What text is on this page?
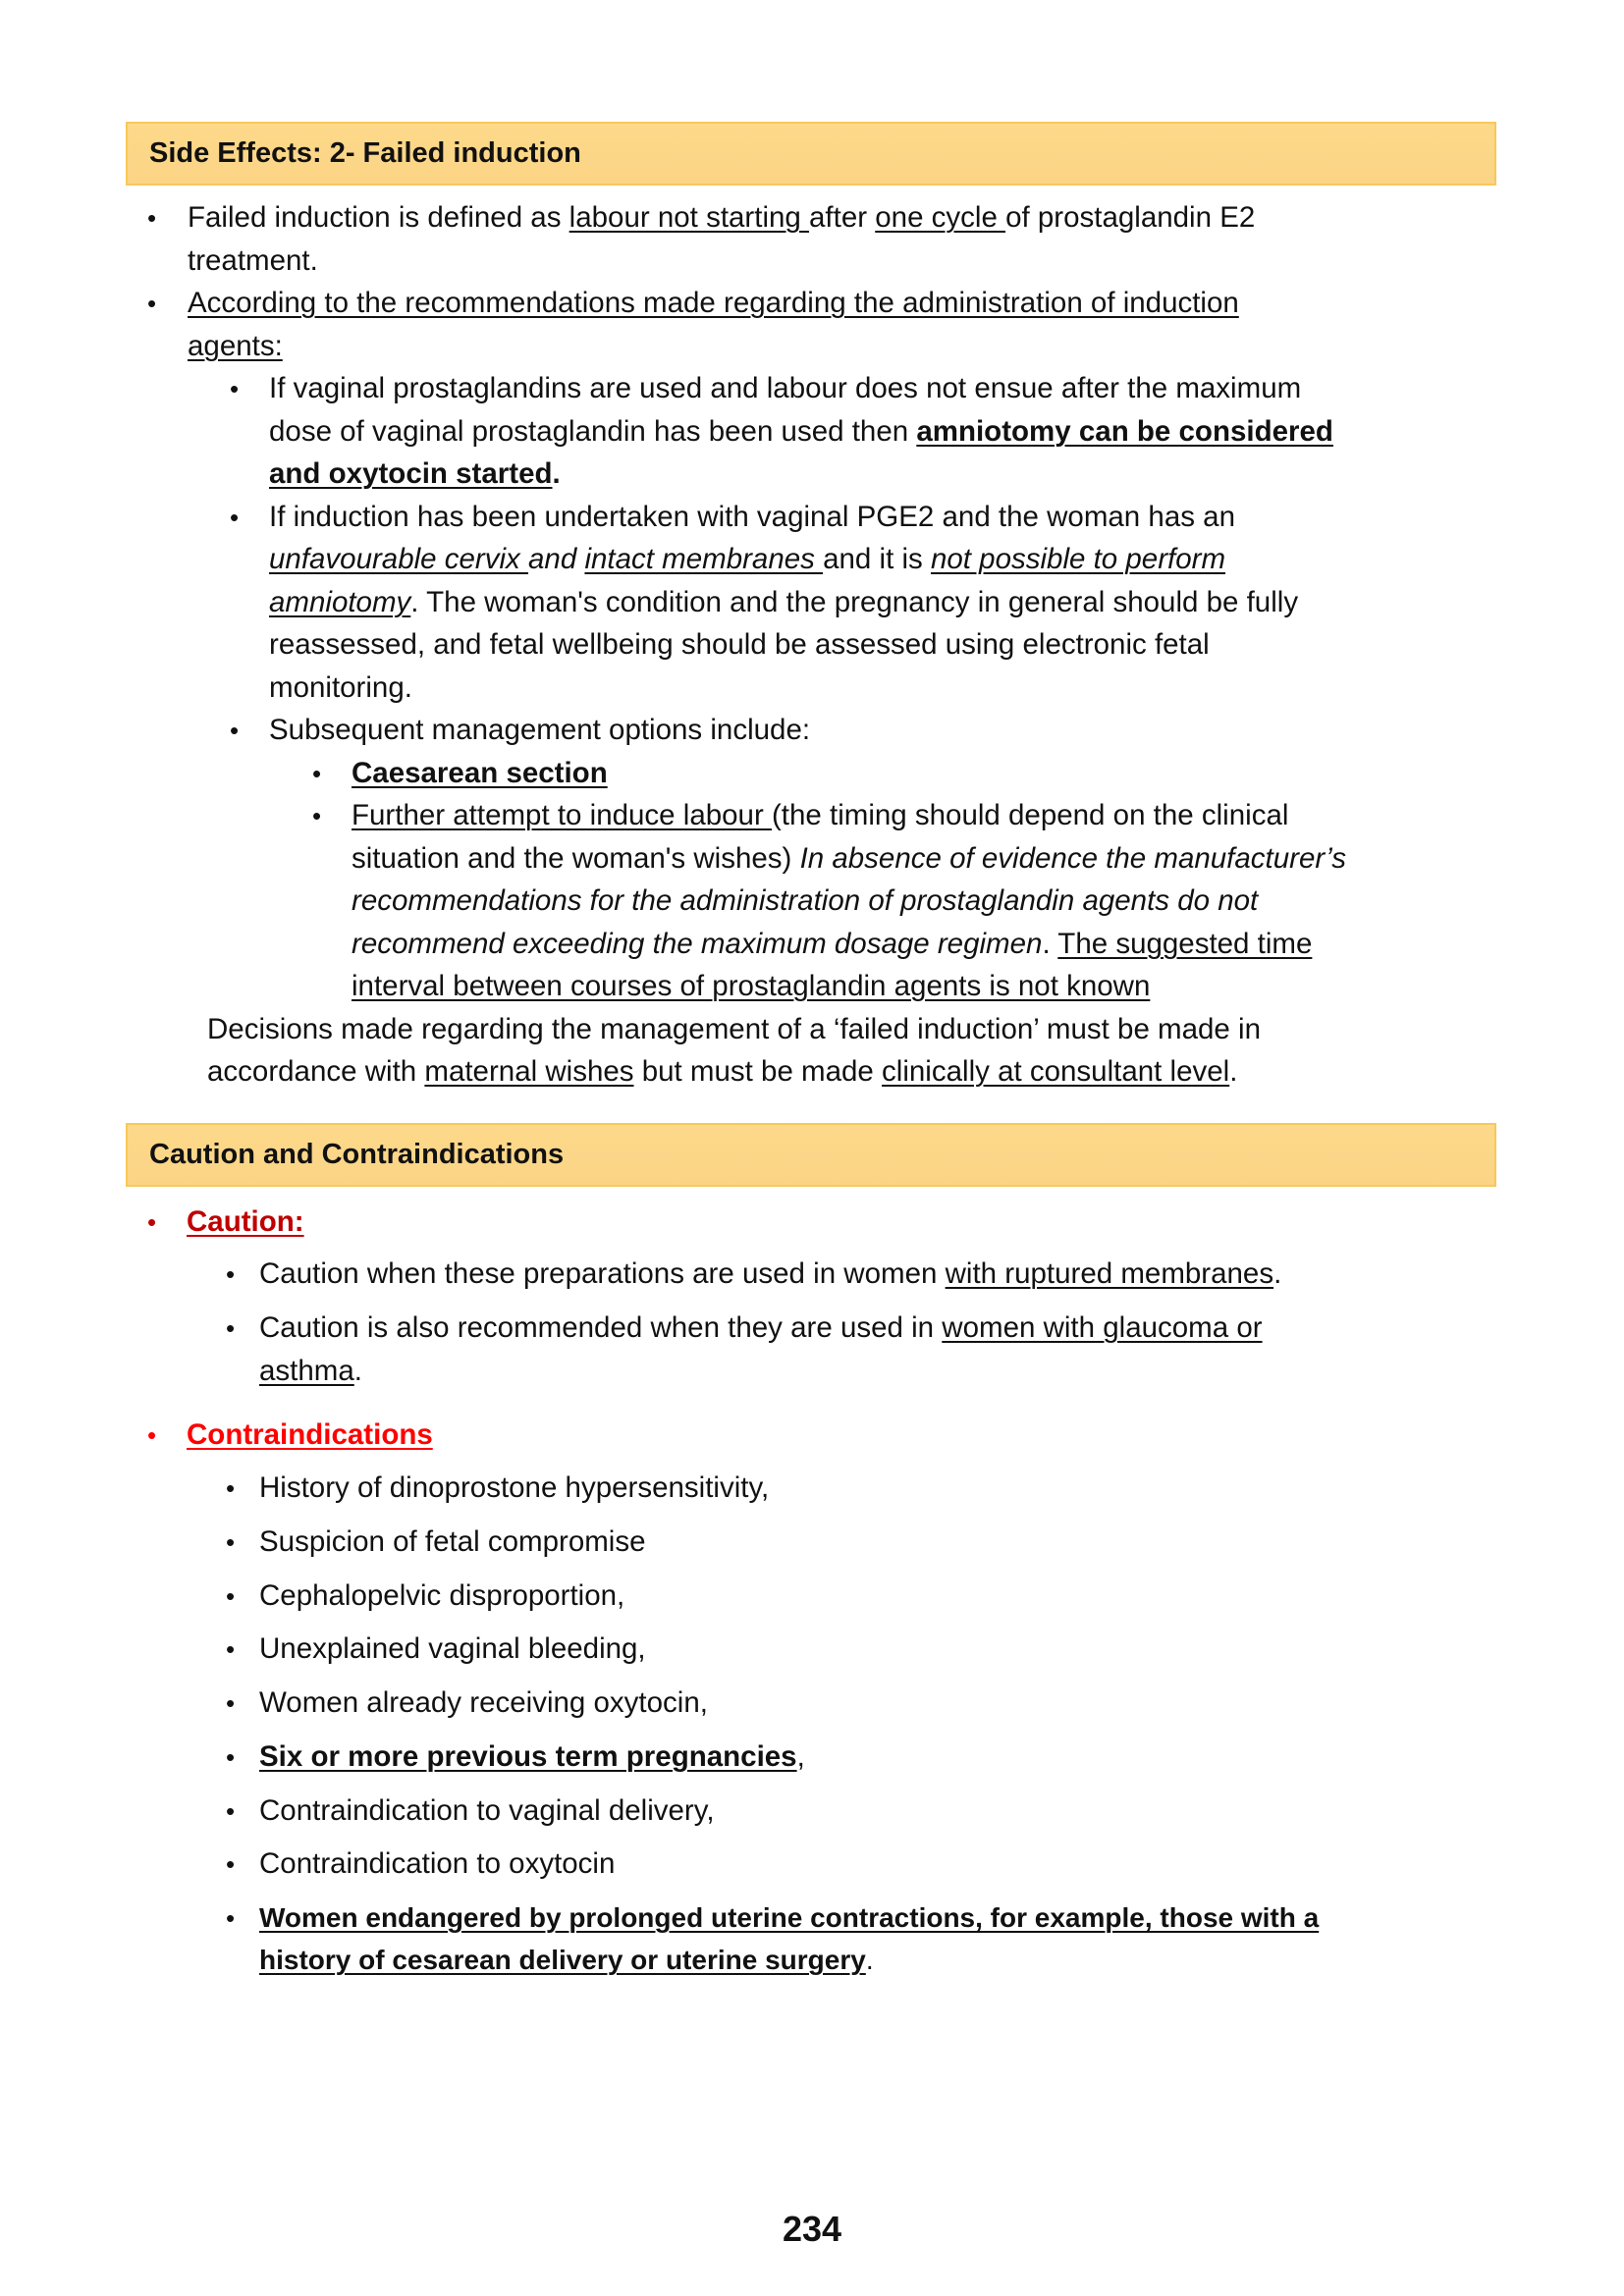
Side Effects: 2- Failed induction
• Failed induction is defined as labour not starting after one cycle of prostaglandin E2
treatment.
• According to the recommendations made regarding the administration of induction
agents:
• If vaginal prostaglandins are used and labour does not ensue after the maximum
dose of vaginal prostaglandin has been used then amniotomy can be considered
and oxytocin started.
• If induction has been undertaken with vaginal PGE2 and the woman has an
unfavourable cervix and intact membranes and it is not possible to perform
amniotomy. The woman's condition and the pregnancy in general should be fully
reassessed, and fetal wellbeing should be assessed using electronic fetal
monitoring.
• Subsequent management options include:
• Caesarean section
• Further attempt to induce labour (the timing should depend on the clinical
situation and the woman's wishes) In absence of evidence the manufacturer’s
recommendations for the administration of prostaglandin agents do not
recommend exceeding the maximum dosage regimen. The suggested time
interval between courses of prostaglandin agents is not known
Decisions made regarding the management of a ‘failed induction’ must be made in
accordance with maternal wishes but must be made clinically at consultant level.
Caution and Contraindications
• Caution:
• Caution when these preparations are used in women with ruptured membranes.
• Caution is also recommended when they are used in women with glaucoma or
asthma.
• Contraindications
• History of dinoprostone hypersensitivity,
• Suspicion of fetal compromise
• Cephalopelvic disproportion,
• Unexplained vaginal bleeding,
• Women already receiving oxytocin,
• Six or more previous term pregnancies,
• Contraindication to vaginal delivery,
• Contraindication to oxytocin
• Women endangered by prolonged uterine contractions, for example, those with a
history of cesarean delivery or uterine surgery.
234
